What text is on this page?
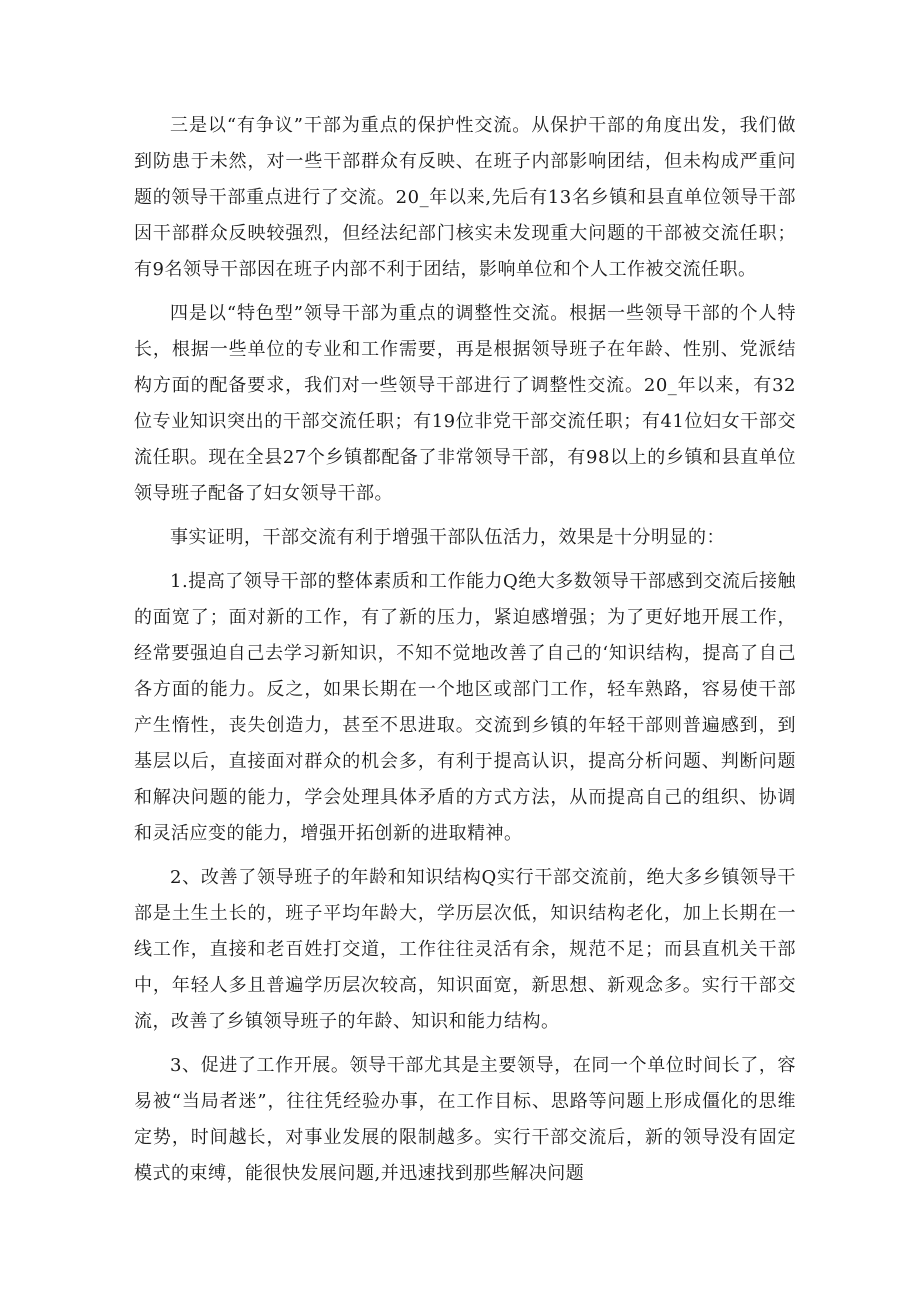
三是以“有争议”干部为重点的保护性交流。从保护干部的角度出发，我们做到防患于未然，对一些干部群众有反映、在班子内部影响团结，但未构成严重问题的领导干部重点进行了交流。20_年以来,先后有13名乡镇和县直单位领导干部因干部群众反映较强烈，但经法纪部门核实未发现重大问题的干部被交流任职；有9名领导干部因在班子内部不利于团结，影响单位和个人工作被交流任职。

四是以“特色型”领导干部为重点的调整性交流。根据一些领导干部的个人特长，根据一些单位的专业和工作需要，再是根据领导班子在年龄、性别、党派结构方面的配备要求，我们对一些领导干部进行了调整性交流。20_年以来，有32位专业知识突出的干部交流任职；有19位非党干部交流任职；有41位妇女干部交流任职。现在全县27个乡镇都配备了非常领导干部，有98以上的乡镇和县直单位领导班子配备了妇女领导干部。

事实证明，干部交流有利于增强干部队伍活力，效果是十分明显的：

1.提高了领导干部的整体素质和工作能力Q绝大多数领导干部感到交流后接触的面宽了；面对新的工作，有了新的压力，紧迫感增强；为了更好地开展工作，经常要强迫自己去学习新知识，不知不觉地改善了自己的‘知识结构，提高了自己各方面的能力。反之，如果长期在一个地区或部门工作，轻车熟路，容易使干部产生惰性，丧失创造力，甚至不思进取。交流到乡镇的年轻干部则普遍感到，到基层以后，直接面对群众的机会多，有利于提高认识，提高分析问题、判断问题和解决问题的能力，学会处理具体矛盾的方式方法，从而提高自己的组织、协调和灵活应变的能力，增强开拓创新的进取精神。

2、改善了领导班子的年龄和知识结构Q实行干部交流前，绝大多乡镇领导干部是土生土长的，班子平均年龄大，学历层次低，知识结构老化，加上长期在一线工作，直接和老百姓打交道，工作往往灵活有余，规范不足；而县直机关干部中，年轻人多且普遍学历层次较高，知识面宽，新思想、新观念多。实行干部交流，改善了乡镇领导班子的年龄、知识和能力结构。

3、促进了工作开展。领导干部尤其是主要领导，在同一个单位时间长了，容易被“当局者迷”，往往凭经验办事，在工作目标、思路等问题上形成僵化的思维定势，时间越长，对事业发展的限制越多。实行干部交流后，新的领导没有固定模式的束缚，能很快发展问题,并迅速找到那些解决问题
